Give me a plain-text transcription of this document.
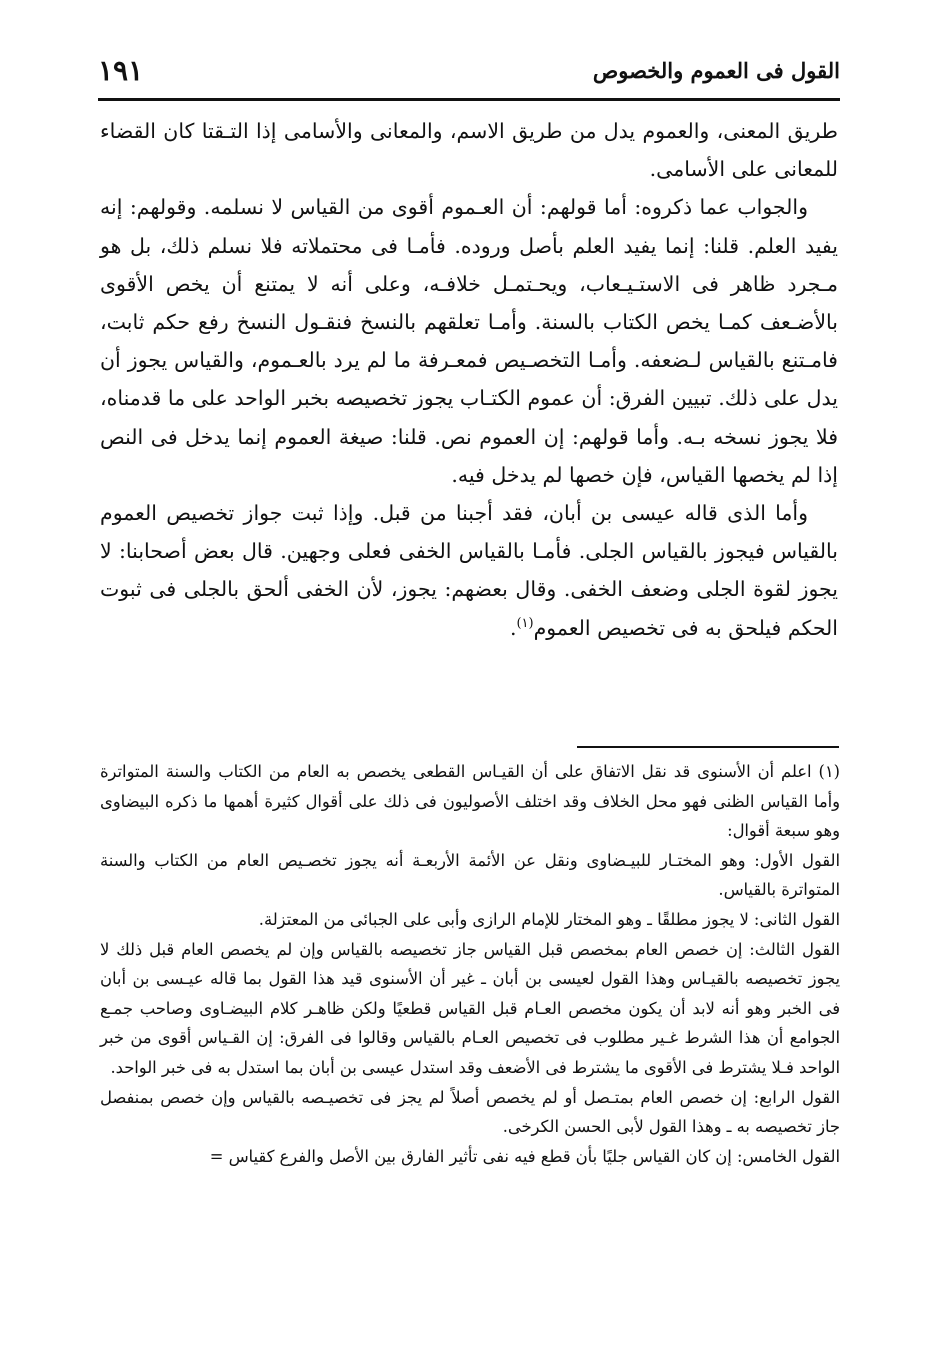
القول فى العموم والخصوص
١٩١

طريق المعنى، والعموم يدل من طريق الاسم، والمعانى والأسامى إذا التـقتا كان القضاء للمعانى على الأسامى.

والجواب عما ذكروه: أما قولهم: أن العـموم أقوى من القياس لا نسلمه. وقولهم: إنه يفيد العلم. قلنا: إنما يفيد العلم بأصل وروده. فأمـا فى محتملاته فلا نسلم ذلك، بل هو مـجرد ظاهر فى الاستـيـعاب، ويحـتمـل خلافـه، وعلى أنه لا يمتنع أن يخص الأقوى بالأضـعف كمـا يخص الكتاب بالسنة. وأمـا تعلقهم بالنسخ فنقـول النسخ رفع حكم ثابت، فامـتنع بالقياس لـضعفه. وأمـا التخصـيص فمعـرفة ما لم يرد بالعـموم، والقياس يجوز أن يدل على ذلك. تبيين الفرق: أن عموم الكتـاب يجوز تخصيصه بخبر الواحد على ما قدمناه، فلا يجوز نسخه بـه. وأما قولهم: إن العموم نص. قلنا: صيغة العموم إنما يدخل فى النص إذا لم يخصها القياس، فإن خصها لم يدخل فيه.

وأما الذى قاله عيسى بن أبان، فقد أجبنا من قبل. وإذا ثبت جواز تخصيص العموم بالقياس فيجوز بالقياس الجلى. فأمـا بالقياس الخفى فعلى وجهين. قال بعض أصحابنا: لا يجوز لقوة الجلى وضعف الخفى. وقال بعضهم: يجوز، لأن الخفى ألحق بالجلى فى ثبوت الحكم فيلحق به فى تخصيص العموم$^{(١)}$.

(١) اعلم أن الأسنوى قد نقل الاتفاق على أن القيـاس القطعى يخصص به العام من الكتاب والسنة المتواترة وأما القياس الظنى فهو محل الخلاف وقد اختلف الأصوليون فى ذلك على أقوال كثيرة أهمها ما ذكره البيضاوى وهو سبعة أقوال:

القول الأول: وهو المختـار للبيـضاوى ونقل عن الأئمة الأربعـة أنه يجوز تخصـيص العام من الكتاب والسنة المتواترة بالقياس.

القول الثانى: لا يجوز مطلقًا ـ وهو المختار للإمام الرازى وأبى على الجبائى من المعتزلة.

القول الثالث: إن خصص العام بمخصص قبل القياس جاز تخصيصه بالقياس وإن لم يخصص العام قبل ذلك لا يجوز تخصيصه بالقيـاس وهذا القول لعيسى بن أبان ـ غير أن الأسنوى قيد هذا القول بما قاله عيـسى بن أبان فى الخبر وهو أنه لابد أن يكون مخصص العـام قبل القياس قطعيًا ولكن ظاهـر كلام البيضـاوى وصاحب جمـع الجوامع أن هذا الشرط غـير مطلوب فى تخصيص العـام بالقياس وقالوا فى الفرق: إن القـياس أقوى من خبر الواحد فـلا يشترط فى الأقوى ما يشترط فى الأضعف وقد استدل عيسى بن أبان بما استدل به فى خبر الواحد.

القول الرابع: إن خصص العام بمتـصل أو لم يخصص أصلاً لم يجز فى تخصيـصه بالقياس وإن خصص بمنفصل جاز تخصيصه به ـ وهذا القول لأبى الحسن الكرخى.

القول الخامس: إن كان القياس جليًا بأن قطع فيه نفى تأثير الفارق بين الأصل والفرع كقياس =
